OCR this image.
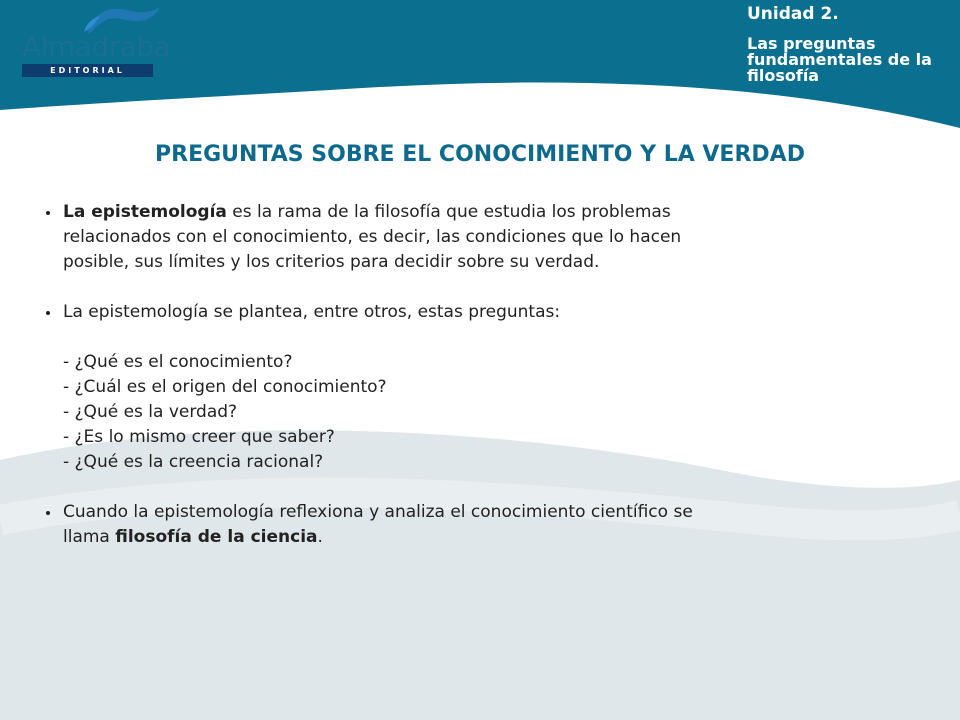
Almadraba
EDITORIAL
Unidad 2.
Las preguntas fundamentales de la filosofía
PREGUNTAS SOBRE EL CONOCIMIENTO Y LA VERDAD
La epistemología es la rama de la filosofía que estudia los problemas
relacionados con el conocimiento, es decir, las condiciones que lo hacen
posible, sus límites y los criterios para decidir sobre su verdad.
La epistemología se plantea, entre otros, estas preguntas:
- ¿Qué es el conocimiento?
- ¿Cuál es el origen del conocimiento?
- ¿Qué es la verdad?
- ¿Es lo mismo creer que saber?
- ¿Qué es la creencia racional?
Cuando la epistemología reflexiona y analiza el conocimiento científico se
llama filosofía de la ciencia.
